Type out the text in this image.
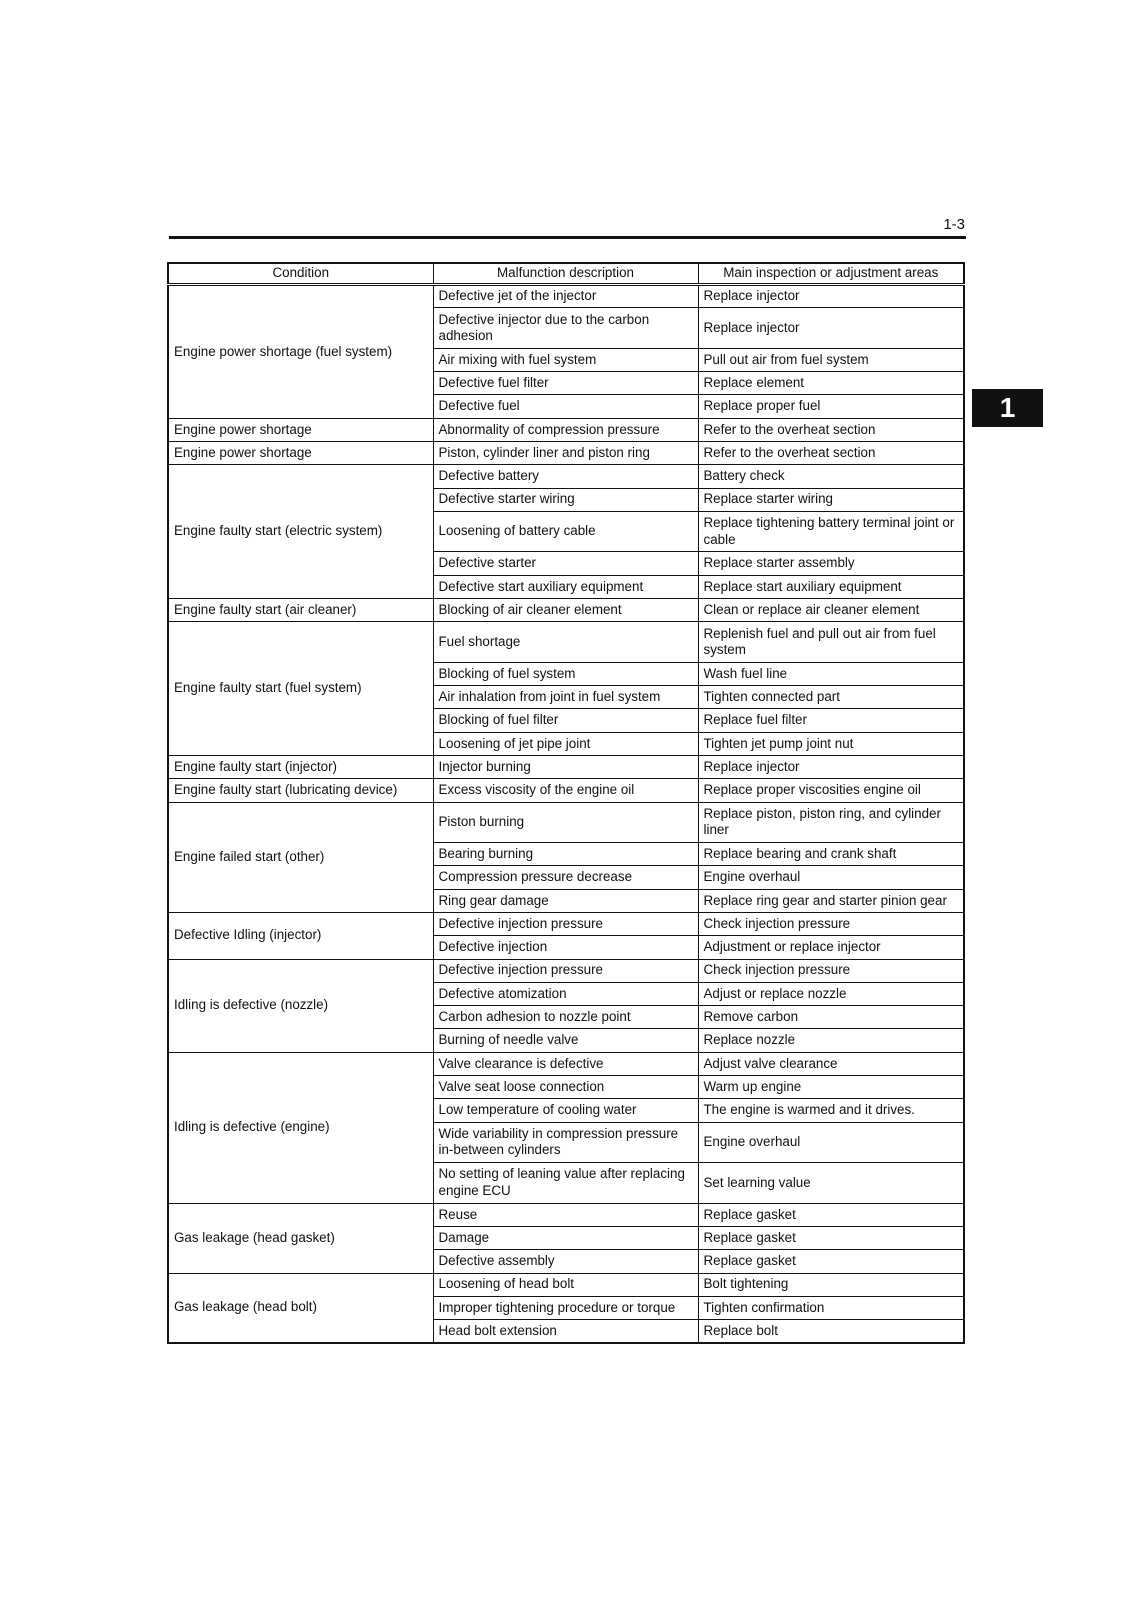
1-3
1
Condition	Malfunction description	Main inspection or adjustment areas
Engine power shortage (fuel system)	Defective jet of the injector	Replace injector
	Defective injector due to the carbon adhesion	Replace injector
	Air mixing with fuel system	Pull out air from fuel system
	Defective fuel filter	Replace element
	Defective fuel	Replace proper fuel
Engine power shortage	Abnormality of compression pressure	Refer to the overheat section
Engine power shortage	Piston, cylinder liner and piston ring	Refer to the overheat section
Engine faulty start (electric system)	Defective battery	Battery check
	Defective starter wiring	Replace starter wiring
	Loosening of battery cable	Replace tightening battery terminal joint or cable
	Defective starter	Replace starter assembly
	Defective start auxiliary equipment	Replace start auxiliary equipment
Engine faulty start (air cleaner)	Blocking of air cleaner element	Clean or replace air cleaner element
Engine faulty start (fuel system)	Fuel shortage	Replenish fuel and pull out air from fuel system
	Blocking of fuel system	Wash fuel line
	Air inhalation from joint in fuel system	Tighten connected part
	Blocking of fuel filter	Replace fuel filter
	Loosening of jet pipe joint	Tighten jet pump joint nut
Engine faulty start (injector)	Injector burning	Replace injector
Engine faulty start (lubricating device)	Excess viscosity of the engine oil	Replace proper viscosities engine oil
Engine failed start (other)	Piston burning	Replace piston, piston ring, and cylinder liner
	Bearing burning	Replace bearing and crank shaft
	Compression pressure decrease	Engine overhaul
	Ring gear damage	Replace ring gear and starter pinion gear
Defective Idling (injector)	Defective injection pressure	Check injection pressure
	Defective injection	Adjustment or replace injector
Idling is defective (nozzle)	Defective injection pressure	Check injection pressure
	Defective atomization	Adjust or replace nozzle
	Carbon adhesion to nozzle point	Remove carbon
	Burning of needle valve	Replace nozzle
Idling is defective (engine)	Valve clearance is defective	Adjust valve clearance
	Valve seat loose connection	Warm up engine
	Low temperature of cooling water	The engine is warmed and it drives.
	Wide variability in compression pressure in-between cylinders	Engine overhaul
	No setting of leaning value after replacing engine ECU	Set learning value
Gas leakage (head gasket)	Reuse	Replace gasket
	Damage	Replace gasket
	Defective assembly	Replace gasket
Gas leakage (head bolt)	Loosening of head bolt	Bolt tightening
	Improper tightening procedure or torque	Tighten confirmation
	Head bolt extension	Replace bolt
